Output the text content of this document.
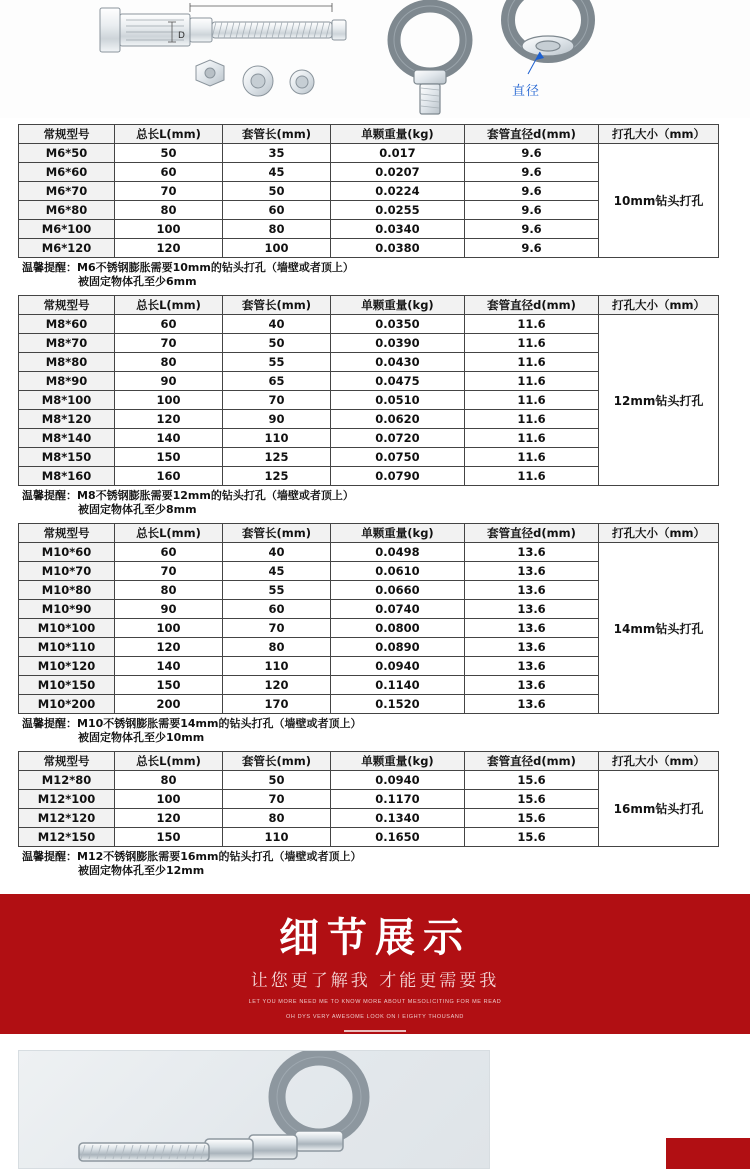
D
直径
常规型号	总长L(mm)	套管长(mm)	单颗重量(kg)	套管直径d(mm)	打孔大小（mm）
M6*50	50	35	0.017	9.6	10mm钻头打孔
M6*60	60	45	0.0207	9.6	
M6*70	70	50	0.0224	9.6	
M6*80	80	60	0.0255	9.6	
M6*100	100	80	0.0340	9.6	
M6*120	120	100	0.0380	9.6	
温馨提醒：M6不锈钢膨胀需要10mm的钻头打孔（墙壁或者顶上）
被固定物体孔至少6mm
常规型号	总长L(mm)	套管长(mm)	单颗重量(kg)	套管直径d(mm)	打孔大小（mm）
M8*60	60	40	0.0350	11.6	12mm钻头打孔
M8*70	70	50	0.0390	11.6	
M8*80	80	55	0.0430	11.6	
M8*90	90	65	0.0475	11.6	
M8*100	100	70	0.0510	11.6	
M8*120	120	90	0.0620	11.6	
M8*140	140	110	0.0720	11.6	
M8*150	150	125	0.0750	11.6	
M8*160	160	125	0.0790	11.6	
温馨提醒：M8不锈钢膨胀需要12mm的钻头打孔（墙壁或者顶上）
被固定物体孔至少8mm
常规型号	总长L(mm)	套管长(mm)	单颗重量(kg)	套管直径d(mm)	打孔大小（mm）
M10*60	60	40	0.0498	13.6	14mm钻头打孔
M10*70	70	45	0.0610	13.6	
M10*80	80	55	0.0660	13.6	
M10*90	90	60	0.0740	13.6	
M10*100	100	70	0.0800	13.6	
M10*110	120	80	0.0890	13.6	
M10*120	140	110	0.0940	13.6	
M10*150	150	120	0.1140	13.6	
M10*200	200	170	0.1520	13.6	
温馨提醒：M10不锈钢膨胀需要14mm的钻头打孔（墙壁或者顶上）
被固定物体孔至少10mm
常规型号	总长L(mm)	套管长(mm)	单颗重量(kg)	套管直径d(mm)	打孔大小（mm）
M12*80	80	50	0.0940	15.6	16mm钻头打孔
M12*100	100	70	0.1170	15.6	
M12*120	120	80	0.1340	15.6	
M12*150	150	110	0.1650	15.6	
温馨提醒：M12不锈钢膨胀需要16mm的钻头打孔（墙壁或者顶上）
被固定物体孔至少12mm
细节展示
让您更了解我 才能更需要我
LET YOU MORE NEED ME TO KNOW MORE ABOUT MESOLICITING FOR ME READ
OH DYS VERY AWESOME LOOK ON I EIGHTY THOUSAND
